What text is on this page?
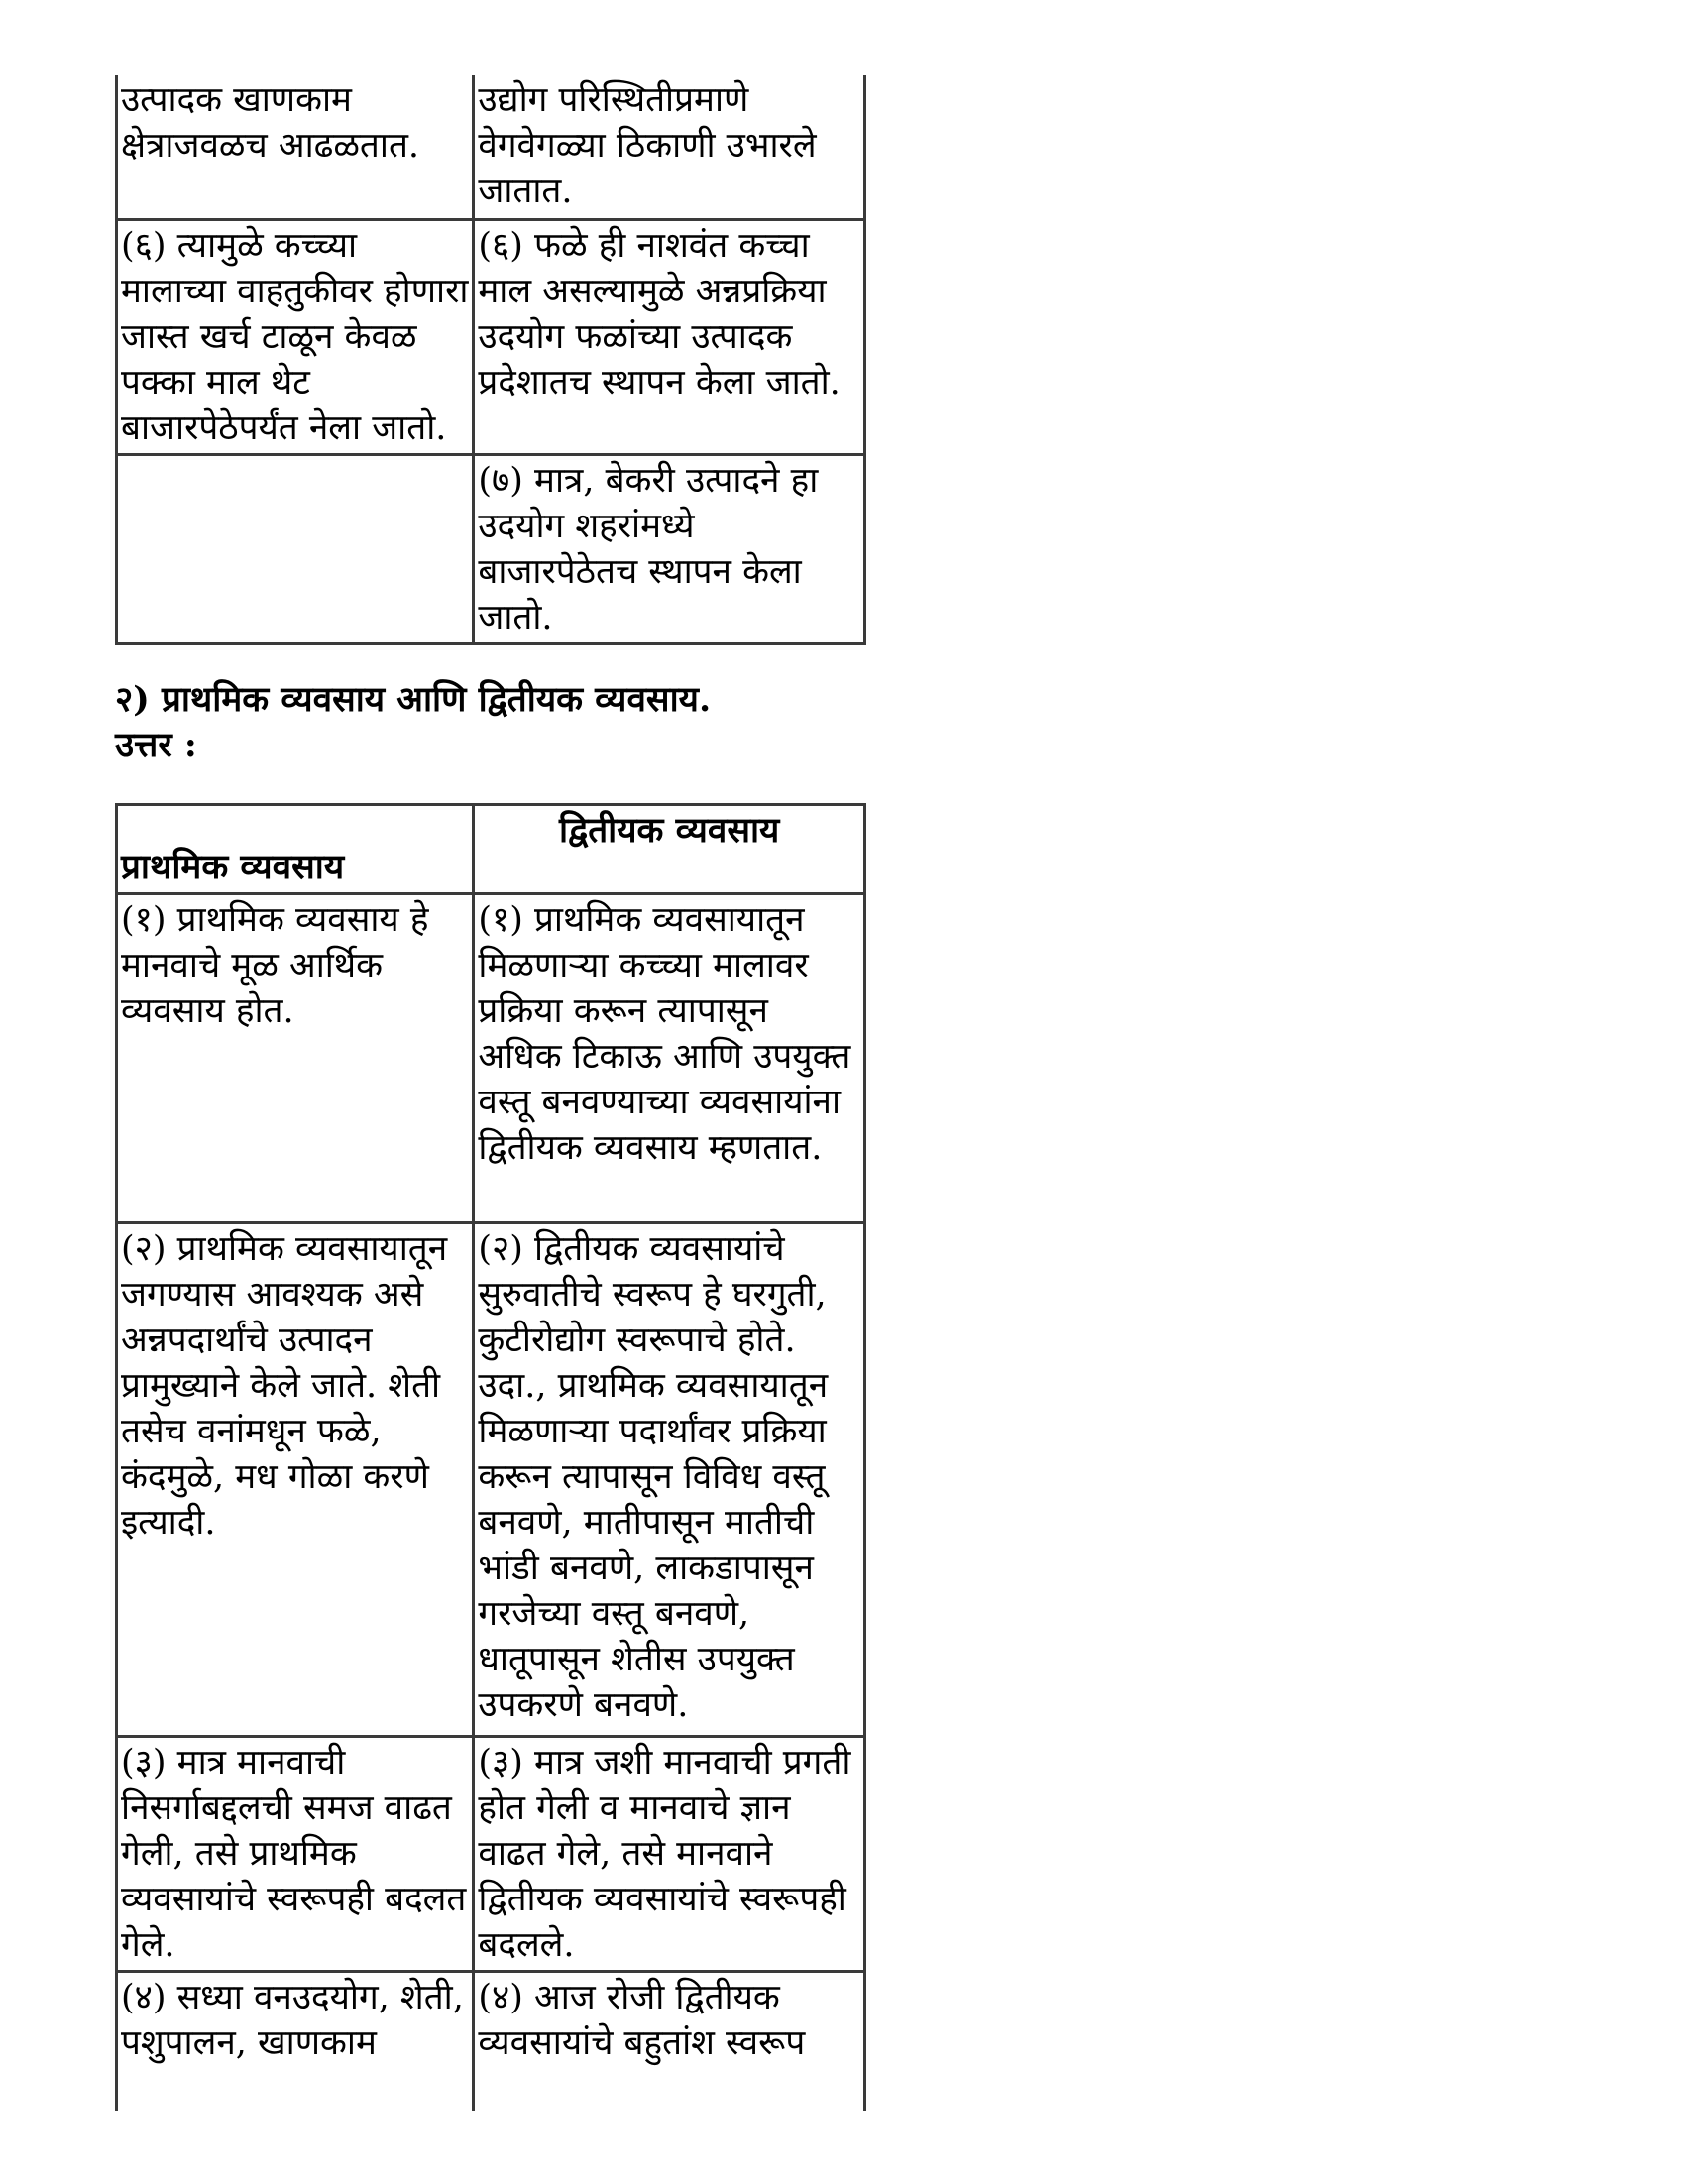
उत्पादक खाणकाम क्षेत्राजवळच आढळतात.	उद्योग परिस्थितीप्रमाणे वेगवेगळ्या ठिकाणी उभारले जातात.
(६) त्यामुळे कच्च्या मालाच्या वाहतुकीवर होणारा जास्त खर्च टाळून केवळ पक्का माल थेट बाजारपेठेपर्यंत नेला जातो.	(६) फळे ही नाशवंत कच्चा माल असल्यामुळे अन्नप्रक्रिया उदयोग फळांच्या उत्पादक प्रदेशातच स्थापन केला जातो.
	(७) मात्र, बेकरी उत्पादने हा उदयोग शहरांमध्ये बाजारपेठेतच स्थापन केला जातो.

२) प्राथमिक व्यवसाय आणि द्वितीयक व्यवसाय.

उत्तर :

प्राथमिक व्यवसाय	द्वितीयक व्यवसाय
(१) प्राथमिक व्यवसाय हे मानवाचे मूळ आर्थिक व्यवसाय होत.	(१) प्राथमिक व्यवसायातून मिळणाऱ्या कच्च्या मालावर प्रक्रिया करून त्यापासून अधिक टिकाऊ आणि उपयुक्त वस्तू बनवण्याच्या व्यवसायांना द्वितीयक व्यवसाय म्हणतात.
(२) प्राथमिक व्यवसायातून जगण्यास आवश्यक असे अन्नपदार्थांचे उत्पादन प्रामुख्याने केले जाते. शेती तसेच वनांमधून फळे, कंदमुळे, मध गोळा करणे इत्यादी.	(२) द्वितीयक व्यवसायांचे सुरुवातीचे स्वरूप हे घरगुती, कुटीरोद्योग स्वरूपाचे होते. उदा., प्राथमिक व्यवसायातून मिळणाऱ्या पदार्थांवर प्रक्रिया करून त्यापासून विविध वस्तू बनवणे, मातीपासून मातीची भांडी बनवणे, लाकडापासून गरजेच्या वस्तू बनवणे, धातूपासून शेतीस उपयुक्त उपकरणे बनवणे.
(३) मात्र मानवाची निसर्गाबद्दलची समज वाढत गेली, तसे प्राथमिक व्यवसायांचे स्वरूपही बदलत गेले.	(३) मात्र जशी मानवाची प्रगती होत गेली व मानवाचे ज्ञान वाढत गेले, तसे मानवाने द्वितीयक व्यवसायांचे स्वरूपही बदलले.
(४) सध्या वनउदयोग, शेती, पशुपालन, खाणकाम	(४) आज रोजी द्वितीयक व्यवसायांचे बहुतांश स्वरूप
